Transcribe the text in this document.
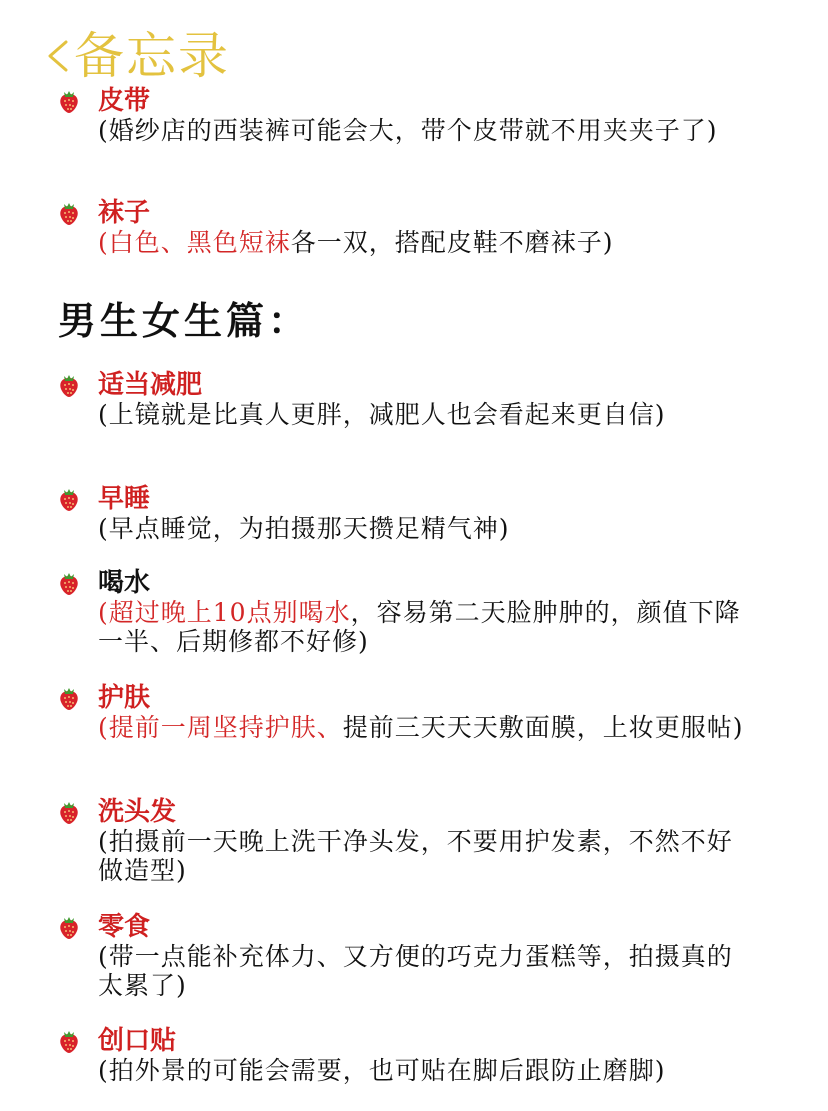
备忘录
男生女生篇：
皮带
(婚纱店的西装裤可能会大，带个皮带就不用夹夹子了)
袜子
(白色、黑色短袜各一双，搭配皮鞋不磨袜子)
适当减肥
(上镜就是比真人更胖，减肥人也会看起来更自信)
早睡
(早点睡觉，为拍摄那天攒足精气神)
喝水
(超过晚上10点别喝水，容易第二天脸肿肿的，颜值下降一半、后期修都不好修)
护肤
(提前一周坚持护肤、提前三天天天敷面膜，上妆更服帖)
洗头发
(拍摄前一天晚上洗干净头发，不要用护发素，不然不好做造型)
零食
(带一点能补充体力、又方便的巧克力蛋糕等，拍摄真的太累了)
创口贴
(拍外景的可能会需要，也可贴在脚后跟防止磨脚)
